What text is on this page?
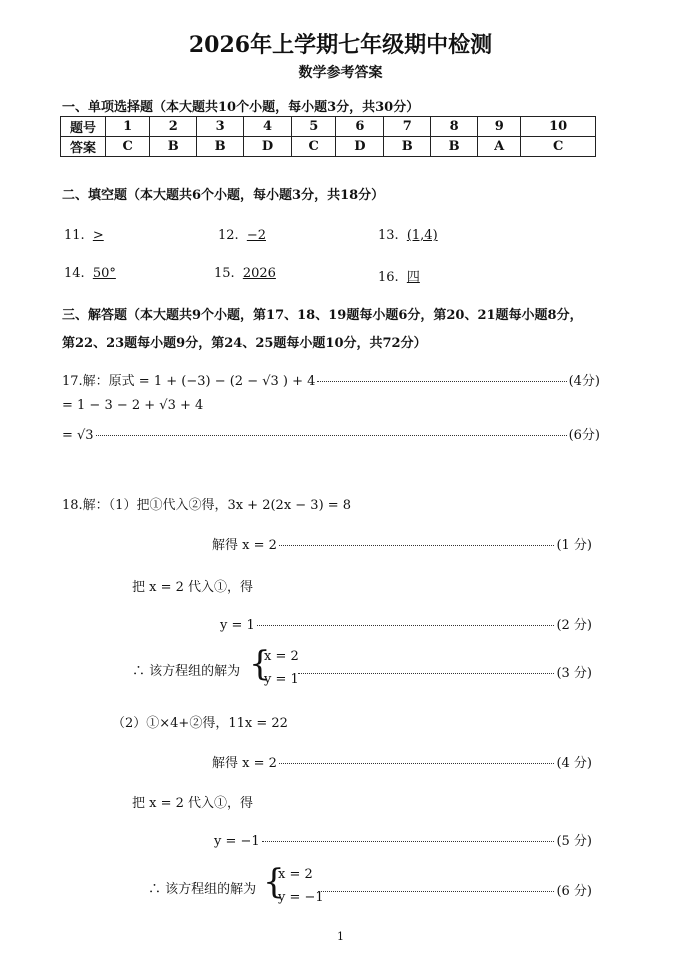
2026年上学期七年级期中检测
数学参考答案
一、单项选择题（本大题共10个小题，每小题3分，共30分）
题号	1	2	3	4	5	6	7	8	9	10
答案	C	B	B	D	C	D	B	B	A	C
二、填空题（本大题共6个小题，每小题3分，共18分）
11. >	12. −2	13. (1,4)
14. 50°	15. 2026	16. 四
三、解答题（本大题共9个小题，第17、18、19题每小题6分，第20、21题每小题8分，
第22、23题每小题9分，第24、25题每小题10分，共72分）
17.解：原式 = 1 + (−3) − (2 − √3 ) + 4	(4分)
= 1 − 3 − 2 + √3 + 4
= √3	(6分)
18.解：（1）把①代入②得，3x + 2(2x − 3) = 8
解得 x = 2	(1 分)
把 x = 2 代入①，得
y = 1	(2 分)
∴ 该方程组的解为 {
x = 2
y = 1	(3 分)
（2）①×4+②得，11x = 22
解得 x = 2	(4 分)
把 x = 2 代入①，得
y = −1	(5 分)
∴ 该方程组的解为 {
x = 2
y = −1	(6 分)
1
